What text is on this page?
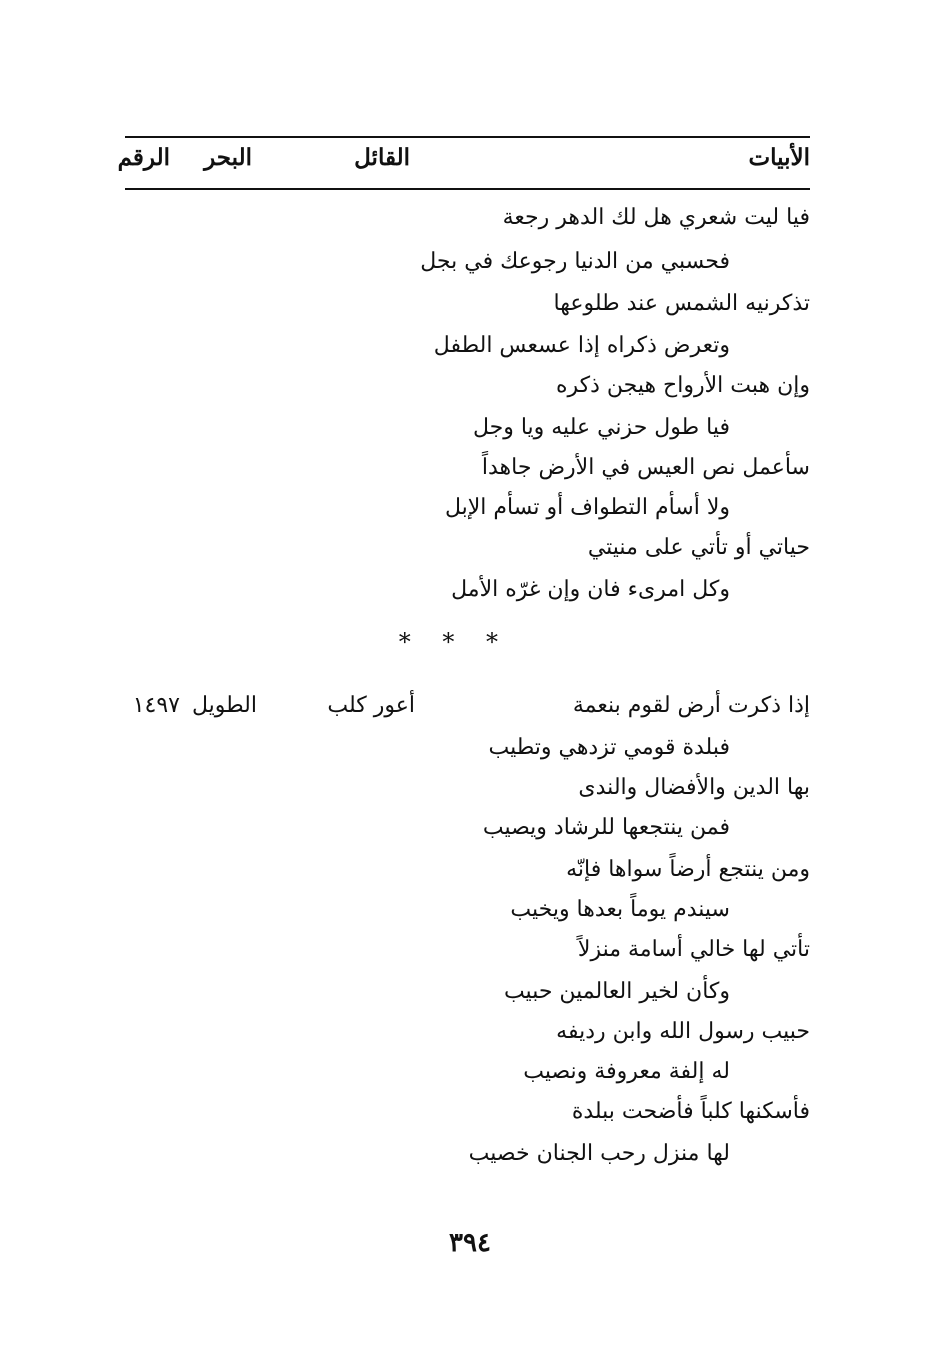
الأبيات
القائل
البحر
الرقم
فيا ليت شعري هل لك الدهر رجعة
فحسبي من الدنيا رجوعك في بجل
تذكرنيه الشمس عند طلوعها
وتعرض ذكراه إذا عسعس الطفل
وإن هبت الأرواح هيجن ذكره
فيا طول حزني عليه ويا وجل
سأعمل نص العيس في الأرض جاهداً
ولا أسأم التطواف أو تسأم الإبل
حياتي أو تأتي على منيتي
وكل امرىء فان وإن غرّه الأمل
* * *
أعور كلب
الطويل
١٤٩٧	إذا ذكرت أرض لقوم بنعمة
فبلدة قومي تزدهي وتطيب
بها الدين والأفضال والندى
فمن ينتجعها للرشاد ويصيب
ومن ينتجع أرضاً سواها فإنّه
سيندم يوماً بعدها ويخيب
تأتي لها خالي أسامة منزلاً
وكأن لخير العالمين حبيب
حبيب رسول الله وابن رديفه
له إلفة معروفة ونصيب
فأسكنها كلباً فأضحت ببلدة
لها منزل رحب الجنان خصيب
٣٩٤
